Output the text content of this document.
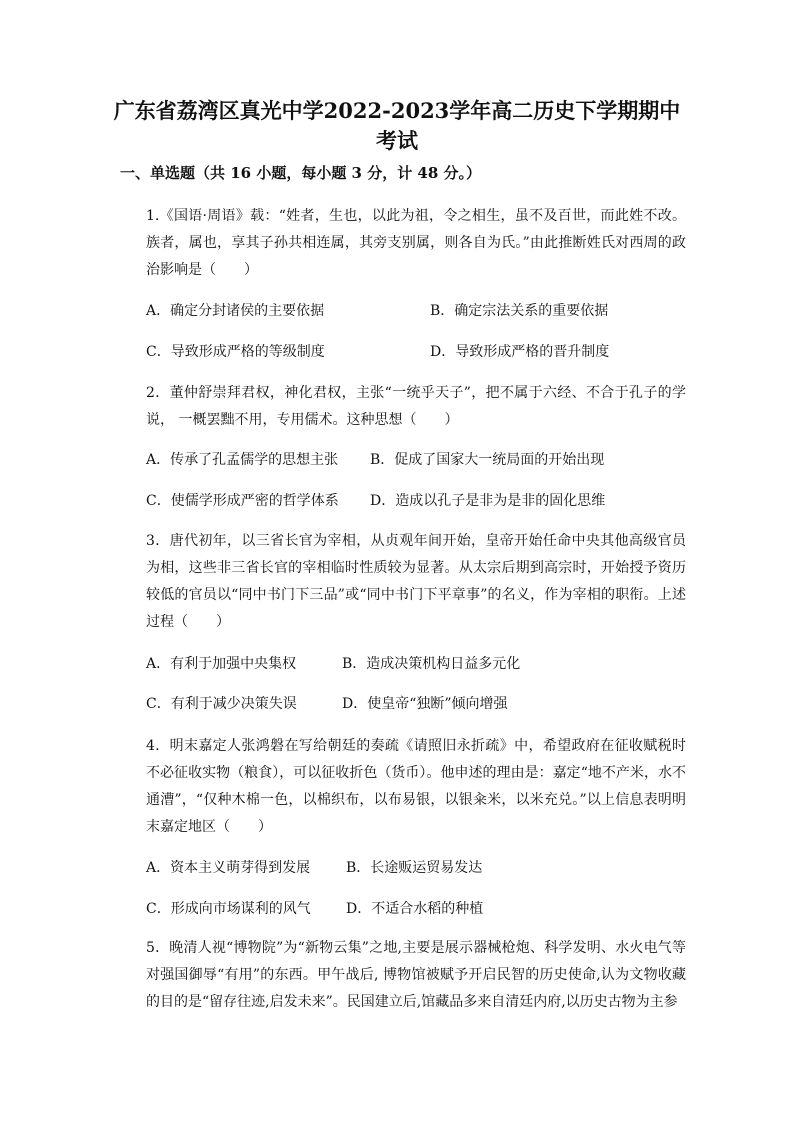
广东省荔湾区真光中学2022-2023学年高二历史下学期期中
考试
一、单选题（共 16 小题，每小题 3 分，计 48 分。）
1.《国语·周语》载：“姓者，生也，以此为祖，令之相生，虽不及百世，而此姓不改。族者，属也，享其子孙共相连属，其旁支别属，则各自为氏。”由此推断姓氏对西周的政治影响是（　　）
A．确定分封诸侯的主要依据	B．确定宗法关系的重要依据
C．导致形成严格的等级制度	D．导致形成严格的晋升制度
2．董仲舒崇拜君权，神化君权，主张“一统乎天子”，把不属于六经、不合于孔子的学说， 一概罢黜不用，专用儒术。这种思想（　　）
A．传承了孔孟儒学的思想主张 B．促成了国家大一统局面的开始出现
C．使儒学形成严密的哲学体系 D．造成以孔子是非为是非的固化思维
3．唐代初年，以三省长官为宰相，从贞观年间开始，皇帝开始任命中央其他高级官员为相，这些非三省长官的宰相临时性质较为显著。从太宗后期到高宗时，开始授予资历较低的官员以“同中书门下三品”或“同中书门下平章事”的名义，作为宰相的职衔。上述过程（　　）
A．有利于加强中央集权	B．造成决策机构日益多元化
C．有利于减少决策失误	D．使皇帝“独断”倾向增强
4．明末嘉定人张鸿磐在写给朝廷的奏疏《请照旧永折疏》中，希望政府在征收赋税时不必征收实物（粮食），可以征收折色（货币）。他申述的理由是：嘉定“地不产米，水不通漕”，“仅种木棉一色，以棉织布，以布易银，以银籴米，以米充兑。”以上信息表明明末嘉定地区（　　）
A．资本主义萌芽得到发展	B．长途贩运贸易发达
C．形成向市场谋利的风气	D．不适合水稻的种植
5．晚清人视“博物院”为“新物云集”之地,主要是展示器械枪炮、科学发明、水火电气等对强国御辱“有用”的东西。甲午战后, 博物馆被赋予开启民智的历史使命,认为文物收藏的目的是“留存往迹,启发未来”。民国建立后,馆藏品多来自清廷内府,以历史古物为主参
